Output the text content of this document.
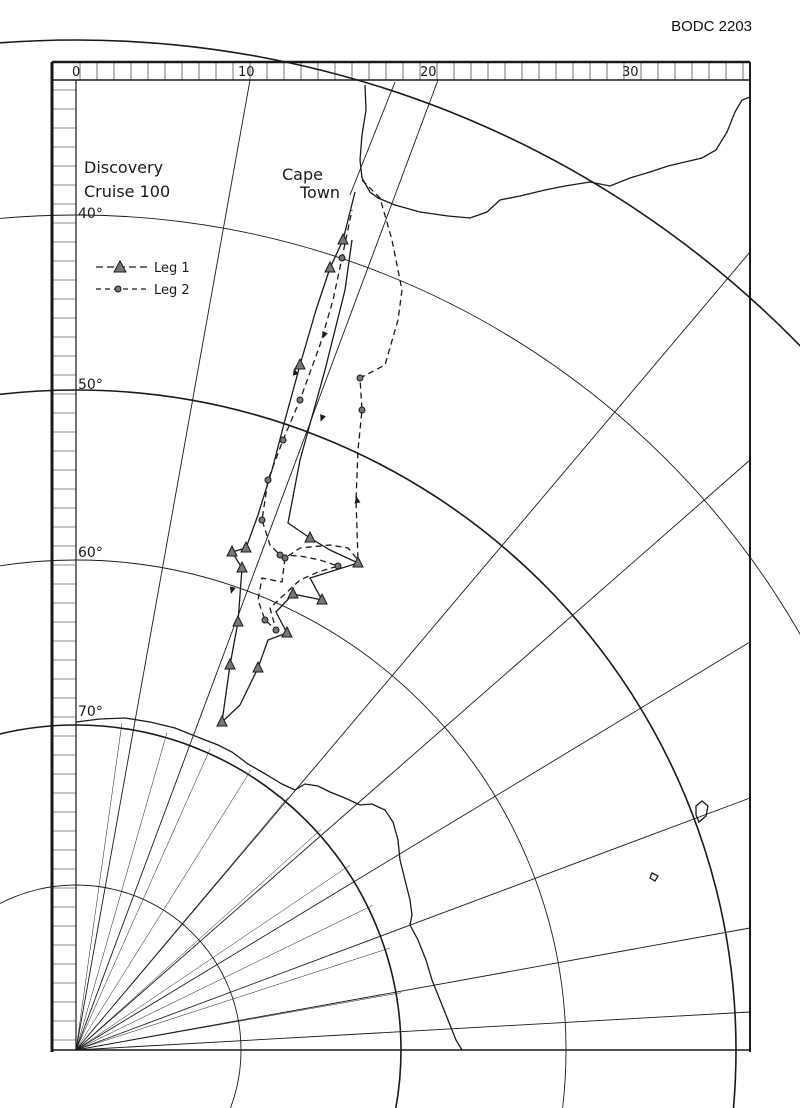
BODC 2203
0	10	20	30
Discovery
Cruise 100
Cape
Town
40°
50°
60°
70°
Leg 1
Leg 2
